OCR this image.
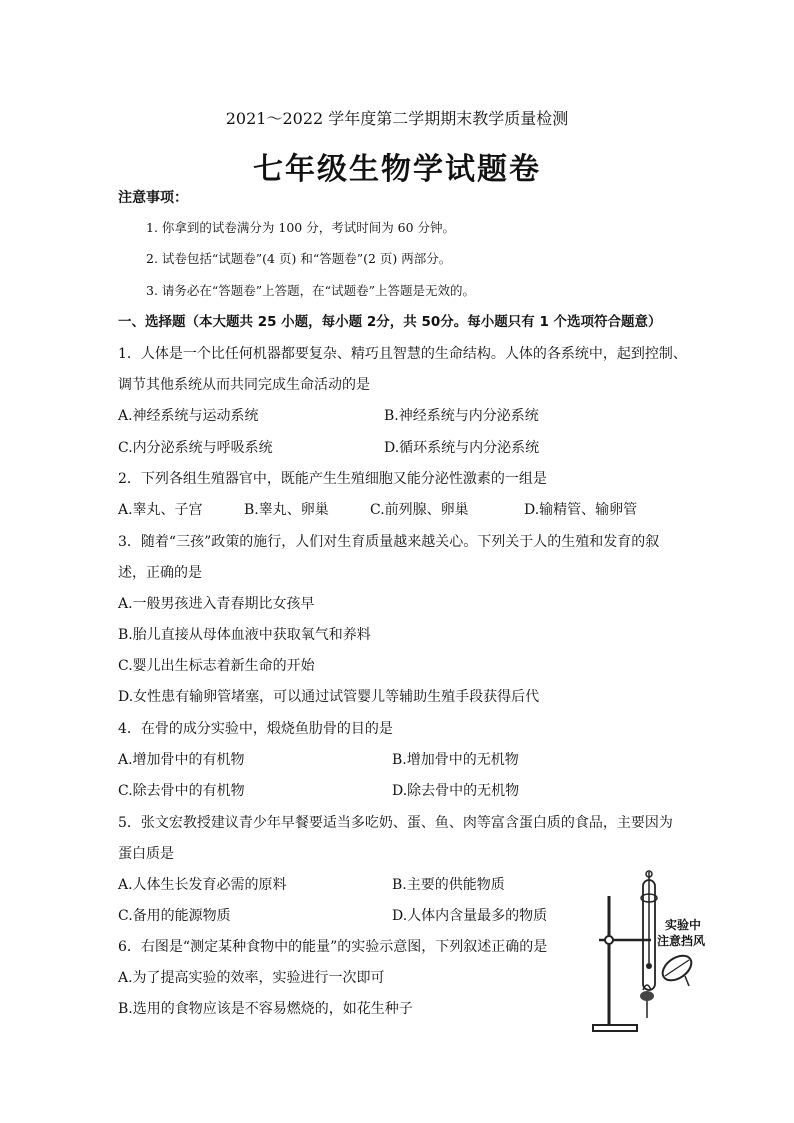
2021～2022 学年度第二学期期末教学质量检测
七年级生物学试题卷
注意事项：
1. 你拿到的试卷满分为 100 分，考试时间为 60 分钟。
2. 试卷包括“试题卷”(4 页) 和“答题卷”(2 页) 两部分。
3. 请务必在“答题卷”上答题，在“试题卷”上答题是无效的。
一、选择题（本大题共 25 小题，每小题 2分，共 50分。每小题只有 1 个选项符合题意）
1．人体是一个比任何机器都要复杂、精巧且智慧的生命结构。人体的各系统中，起到控制、
调节其他系统从而共同完成生命活动的是
A.神经系统与运动系统	B.神经系统与内分泌系统
C.内分泌系统与呼吸系统	D.循环系统与内分泌系统
2．下列各组生殖器官中，既能产生生殖细胞又能分泌性激素的一组是
A.睾丸、子宫	B.睾丸、卵巢	C.前列腺、卵巢	D.输精管、输卵管
3．随着“三孩”政策的施行，人们对生育质量越来越关心。下列关于人的生殖和发育的叙
述，正确的是
A.一般男孩进入青春期比女孩早
B.胎儿直接从母体血液中获取氧气和养料
C.婴儿出生标志着新生命的开始
D.女性患有输卵管堵塞，可以通过试管婴儿等辅助生殖手段获得后代
4．在骨的成分实验中，煅烧鱼肋骨的目的是
A.增加骨中的有机物	B.增加骨中的无机物
C.除去骨中的有机物	D.除去骨中的无机物
5．张文宏教授建议青少年早餐要适当多吃奶、蛋、鱼、肉等富含蛋白质的食品，主要因为
蛋白质是
A.人体生长发育必需的原料	B.主要的供能物质
C.备用的能源物质	D.人体内含量最多的物质
6．右图是“测定某种食物中的能量”的实验示意图，下列叙述正确的是
A.为了提高实验的效率，实验进行一次即可
B.选用的食物应该是不容易燃烧的，如花生种子
实验中
注意挡风
